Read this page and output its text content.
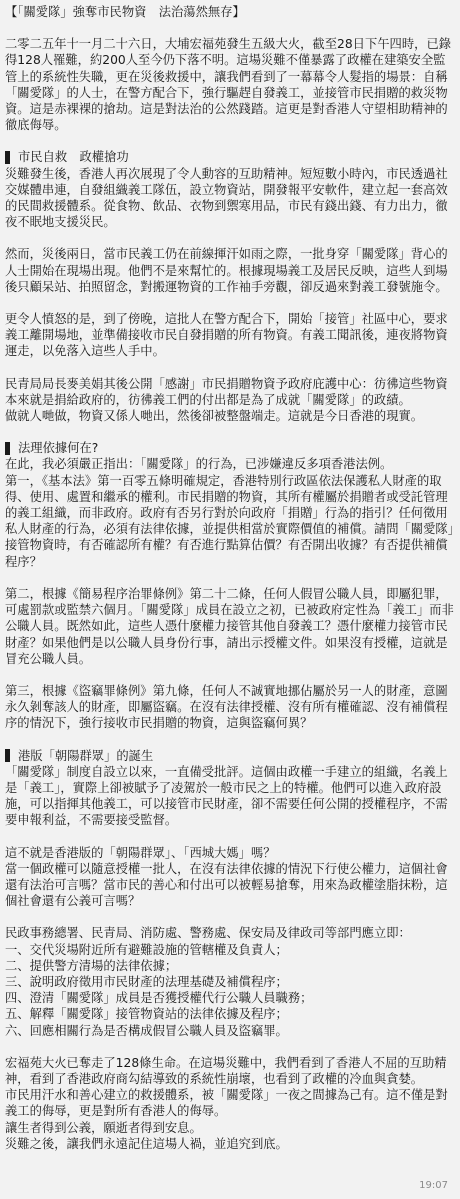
【「關愛隊」強奪市民物資　法治蕩然無存】

二零二五年十一月二十六日，大埔宏福苑發生五級大火，截至28日下午四時，已錄得128人罹難，約200人至今仍下落不明。這場災難不僅暴露了政權在建築安全監管上的系統性失職，更在災後救援中，讓我們看到了一幕幕令人髮指的場景：自稱「關愛隊」的人士，在警方配合下，強行驅趕自發義工，並接管市民捐贈的救災物資。這是赤裸裸的搶劫。這是對法治的公然踐踏。這更是對香港人守望相助精神的徹底侮辱。

市民自救　政權搶功

災難發生後，香港人再次展現了令人動容的互助精神。短短數小時內，市民透過社交媒體串連，自發組織義工隊伍，設立物資站，開發報平安軟件，建立起一套高效的民間救援體系。從食物、飲品、衣物到禦寒用品，市民有錢出錢、有力出力，徹夜不眠地支援災民。

然而，災後兩日，當市民義工仍在前線揮汗如雨之際，一批身穿「關愛隊」背心的人士開始在現場出現。他們不是來幫忙的。根據現場義工及居民反映，這些人到場後只顧呆站、拍照留念，對搬運物資的工作袖手旁觀，卻反過來對義工發號施令。

更令人憤怒的是，到了傍晚，這批人在警方配合下，開始「接管」社區中心，要求義工離開場地，並準備接收市民自發捐贈的所有物資。有義工聞訊後，連夜將物資運走，以免落入這些人手中。

民青局局長麥美娟其後公開「感謝」市民捐贈物資予政府庇護中心：彷彿這些物資本來就是捐給政府的，彷彿義工們的付出都是為了成就「關愛隊」的政績。
做就人哋做，物資又係人哋出，然後卻被整盤端走。這就是今日香港的現實。

法理依據何在?

在此，我必須嚴正指出：「關愛隊」的行為，已涉嫌違反多項香港法例。
第一，《基本法》第一百零五條明確規定，香港特別行政區依法保護私人財產的取得、使用、處置和繼承的權利。市民捐贈的物資，其所有權屬於捐贈者或受託管理的義工組織，而非政府。政府有否另行對於向政府「捐贈」行為的指引？任何徵用私人財產的行為，必須有法律依據，並提供相當於實際價值的補償。請問「關愛隊」接管物資時，有否確認所有權？有否進行點算估價？有否開出收據？有否提供補償程序？

第二，根據《簡易程序治罪條例》第二十二條，任何人假冒公職人員，即屬犯罪，可處罰款或監禁六個月。「關愛隊」成員在設立之初，已被政府定性為「義工」而非公職人員。既然如此，這些人憑什麼權力接管其他自發義工？憑什麼權力接管市民財產？如果他們是以公職人員身份行事，請出示授權文件。如果沒有授權，這就是冒充公職人員。

第三，根據《盜竊罪條例》第九條，任何人不誠實地挪佔屬於另一人的財產，意圖永久剝奪該人的財產，即屬盜竊。在沒有法律授權、沒有所有權確認、沒有補償程序的情況下，強行接收市民捐贈的物資，這與盜竊何異？

港版「朝陽群眾」的誕生

「關愛隊」制度自設立以來，一直備受批評。這個由政權一手建立的組織，名義上是「義工」，實際上卻被賦予了凌駕於一般市民之上的特權。他們可以進入政府設施，可以指揮其他義工，可以接管市民財產，卻不需要任何公開的授權程序，不需要申報利益，不需要接受監督。

這不就是香港版的「朝陽群眾」、「西城大媽」嗎？
當一個政權可以隨意授權一批人，在沒有法律依據的情況下行使公權力，這個社會還有法治可言嗎？當市民的善心和付出可以被輕易搶奪，用來為政權塗脂抹粉，這個社會還有公義可言嗎？

民政事務總署、民青局、消防處、警務處、保安局及律政司等部門應立即：

一、交代災場附近所有避難設施的管轄權及負責人；

二、提供警方清場的法律依據；

三、說明政府徵用市民財產的法理基礎及補償程序；

四、澄清「關愛隊」成員是否獲授權代行公職人員職務；

五、解釋「關愛隊」接管物資站的法律依據及程序；

六、回應相關行為是否構成假冒公職人員及盜竊罪。

宏福苑大火已奪走了128條生命。在這場災難中，我們看到了香港人不屈的互助精神，看到了香港政府商勾結導致的系統性崩壞，也看到了政權的冷血與貪婪。
市民用汗水和善心建立的救援體系，被「關愛隊」一夜之間據為己有。這不僅是對義工的侮辱，更是對所有香港人的侮辱。
讓生者得到公義，願逝者得到安息。
災難之後，讓我們永遠記住這場人禍，並追究到底。

19:07
